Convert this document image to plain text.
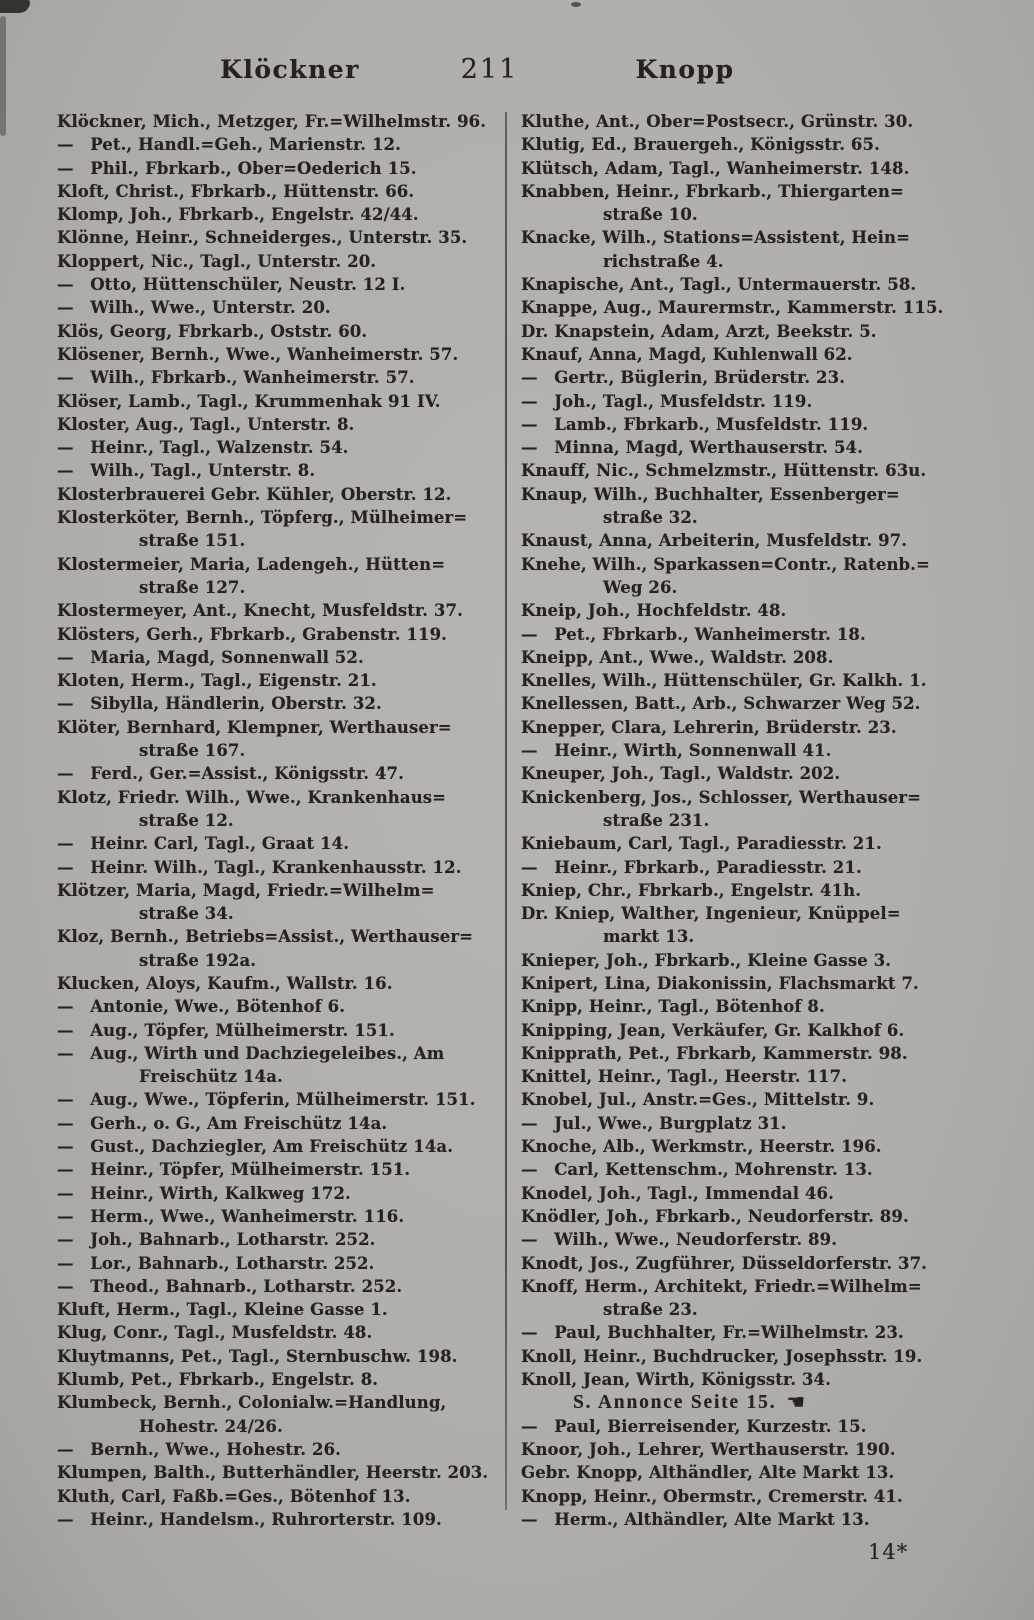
Klöckner	211	Knopp
Klöckner, Mich., Metzger, Fr.=Wilhelmstr. 96.
— Pet., Handl.=Geh., Marienstr. 12.
— Phil., Fbrkarb., Ober=Oederich 15.
Kloft, Christ., Fbrkarb., Hüttenstr. 66.
Klomp, Joh., Fbrkarb., Engelstr. 42/44.
Klönne, Heinr., Schneiderges., Unterstr. 35.
Kloppert, Nic., Tagl., Unterstr. 20.
— Otto, Hüttenschüler, Neustr. 12 I.
— Wilh., Wwe., Unterstr. 20.
Klös, Georg, Fbrkarb., Oststr. 60.
Klösener, Bernh., Wwe., Wanheimerstr. 57.
— Wilh., Fbrkarb., Wanheimerstr. 57.
Klöser, Lamb., Tagl., Krummenhak 91 IV.
Kloster, Aug., Tagl., Unterstr. 8.
— Heinr., Tagl., Walzenstr. 54.
— Wilh., Tagl., Unterstr. 8.
Klosterbrauerei Gebr. Kühler, Oberstr. 12.
Klosterköter, Bernh., Töpferg., Mülheimer=
straße 151.
Klostermeier, Maria, Ladengeh., Hütten=
straße 127.
Klostermeyer, Ant., Knecht, Musfeldstr. 37.
Klösters, Gerh., Fbrkarb., Grabenstr. 119.
— Maria, Magd, Sonnenwall 52.
Kloten, Herm., Tagl., Eigenstr. 21.
— Sibylla, Händlerin, Oberstr. 32.
Klöter, Bernhard, Klempner, Werthauser=
straße 167.
— Ferd., Ger.=Assist., Königsstr. 47.
Klotz, Friedr. Wilh., Wwe., Krankenhaus=
straße 12.
— Heinr. Carl, Tagl., Graat 14.
— Heinr. Wilh., Tagl., Krankenhausstr. 12.
Klötzer, Maria, Magd, Friedr.=Wilhelm=
straße 34.
Kloz, Bernh., Betriebs=Assist., Werthauser=
straße 192a.
Klucken, Aloys, Kaufm., Wallstr. 16.
— Antonie, Wwe., Bötenhof 6.
— Aug., Töpfer, Mülheimerstr. 151.
— Aug., Wirth und Dachziegeleibes., Am
Freischütz 14a.
— Aug., Wwe., Töpferin, Mülheimerstr. 151.
— Gerh., o. G., Am Freischütz 14a.
— Gust., Dachziegler, Am Freischütz 14a.
— Heinr., Töpfer, Mülheimerstr. 151.
— Heinr., Wirth, Kalkweg 172.
— Herm., Wwe., Wanheimerstr. 116.
— Joh., Bahnarb., Lotharstr. 252.
— Lor., Bahnarb., Lotharstr. 252.
— Theod., Bahnarb., Lotharstr. 252.
Kluft, Herm., Tagl., Kleine Gasse 1.
Klug, Conr., Tagl., Musfeldstr. 48.
Kluytmanns, Pet., Tagl., Sternbuschw. 198.
Klumb, Pet., Fbrkarb., Engelstr. 8.
Klumbeck, Bernh., Colonialw.=Handlung,
Hohestr. 24/26.
— Bernh., Wwe., Hohestr. 26.
Klumpen, Balth., Butterhändler, Heerstr. 203.
Kluth, Carl, Faßb.=Ges., Bötenhof 13.
— Heinr., Handelsm., Ruhrorterstr. 109.
Kluthe, Ant., Ober=Postsecr., Grünstr. 30.
Klutig, Ed., Brauergeh., Königsstr. 65.
Klütsch, Adam, Tagl., Wanheimerstr. 148.
Knabben, Heinr., Fbrkarb., Thiergarten=
straße 10.
Knacke, Wilh., Stations=Assistent, Hein=
richstraße 4.
Knapische, Ant., Tagl., Untermauerstr. 58.
Knappe, Aug., Maurermstr., Kammerstr. 115.
Dr. Knapstein, Adam, Arzt, Beekstr. 5.
Knauf, Anna, Magd, Kuhlenwall 62.
— Gertr., Büglerin, Brüderstr. 23.
— Joh., Tagl., Musfeldstr. 119.
— Lamb., Fbrkarb., Musfeldstr. 119.
— Minna, Magd, Werthauserstr. 54.
Knauff, Nic., Schmelzmstr., Hüttenstr. 63u.
Knaup, Wilh., Buchhalter, Essenberger=
straße 32.
Knaust, Anna, Arbeiterin, Musfeldstr. 97.
Knehe, Wilh., Sparkassen=Contr., Ratenb.=
Weg 26.
Kneip, Joh., Hochfeldstr. 48.
— Pet., Fbrkarb., Wanheimerstr. 18.
Kneipp, Ant., Wwe., Waldstr. 208.
Knelles, Wilh., Hüttenschüler, Gr. Kalkh. 1.
Knellessen, Batt., Arb., Schwarzer Weg 52.
Knepper, Clara, Lehrerin, Brüderstr. 23.
— Heinr., Wirth, Sonnenwall 41.
Kneuper, Joh., Tagl., Waldstr. 202.
Knickenberg, Jos., Schlosser, Werthauser=
straße 231.
Kniebaum, Carl, Tagl., Paradiesstr. 21.
— Heinr., Fbrkarb., Paradiesstr. 21.
Kniep, Chr., Fbrkarb., Engelstr. 41h.
Dr. Kniep, Walther, Ingenieur, Knüppel=
markt 13.
Knieper, Joh., Fbrkarb., Kleine Gasse 3.
Knipert, Lina, Diakonissin, Flachsmarkt 7.
Knipp, Heinr., Tagl., Bötenhof 8.
Knipping, Jean, Verkäufer, Gr. Kalkhof 6.
Knipprath, Pet., Fbrkarb, Kammerstr. 98.
Knittel, Heinr., Tagl., Heerstr. 117.
Knobel, Jul., Anstr.=Ges., Mittelstr. 9.
— Jul., Wwe., Burgplatz 31.
Knoche, Alb., Werkmstr., Heerstr. 196.
— Carl, Kettenschm., Mohrenstr. 13.
Knodel, Joh., Tagl., Immendal 46.
Knödler, Joh., Fbrkarb., Neudorferstr. 89.
— Wilh., Wwe., Neudorferstr. 89.
Knodt, Jos., Zugführer, Düsseldorferstr. 37.
Knoff, Herm., Architekt, Friedr.=Wilhelm=
straße 23.
— Paul, Buchhalter, Fr.=Wilhelmstr. 23.
Knoll, Heinr., Buchdrucker, Josephsstr. 19.
Knoll, Jean, Wirth, Königsstr. 34.
S. Annonce Seite 15. ☚
— Paul, Bierreisender, Kurzestr. 15.
Knoor, Joh., Lehrer, Werthauserstr. 190.
Gebr. Knopp, Althändler, Alte Markt 13.
Knopp, Heinr., Obermstr., Cremerstr. 41.
— Herm., Althändler, Alte Markt 13.
14*
